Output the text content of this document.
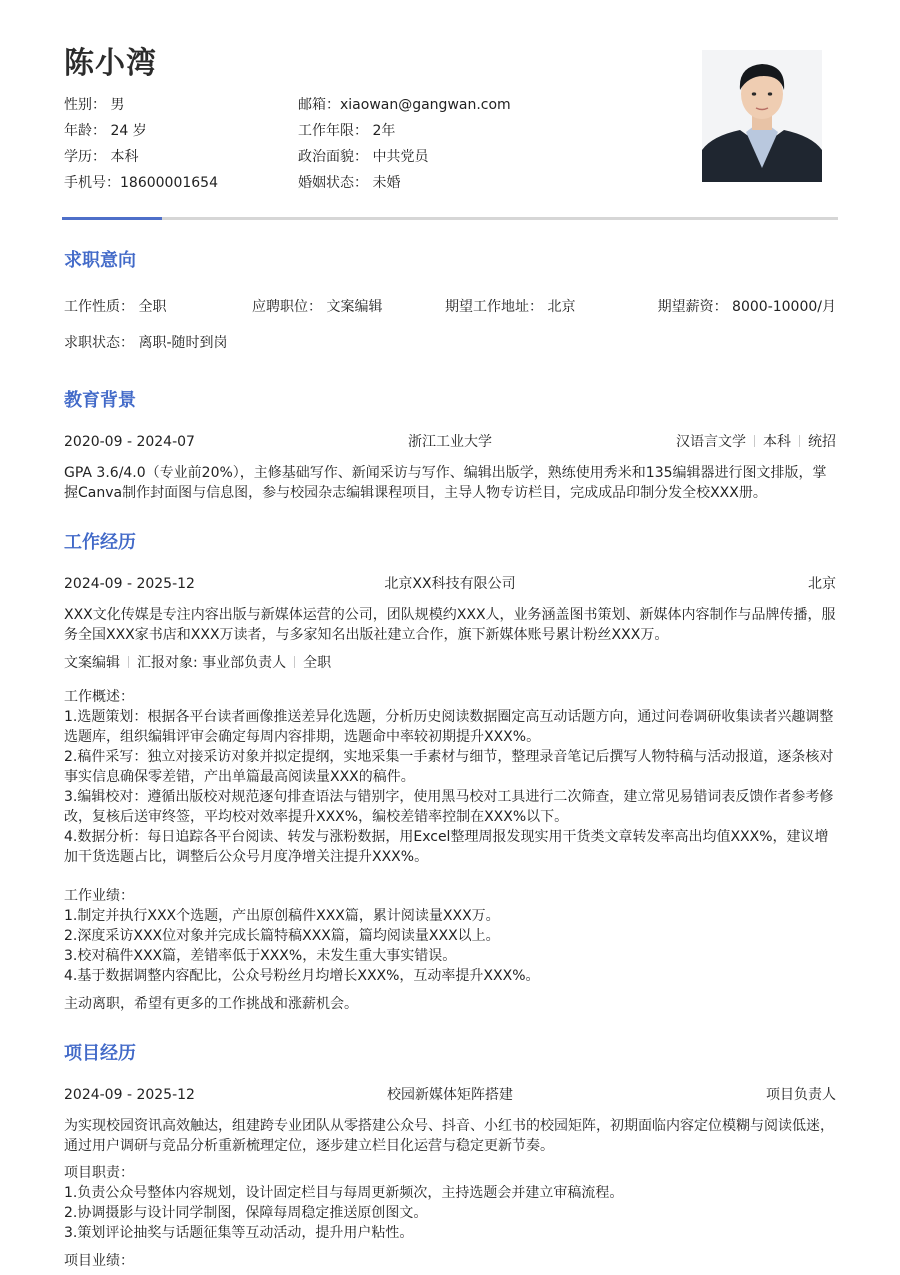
陈小湾
性别： 男	邮箱：xiaowan@gangwan.com
年龄： 24 岁	工作年限： 2年
学历： 本科	政治面貌： 中共党员
手机号：18600001654	婚姻状态： 未婚
求职意向
工作性质： 全职	应聘职位： 文案编辑	期望工作地址： 北京	期望薪资： 8000-10000/月
求职状态： 离职-随时到岗
教育背景
2020-09 - 2024-07	浙江工业大学	汉语言文学 本科 统招
GPA 3.6/4.0（专业前20%），主修基础写作、新闻采访与写作、编辑出版学，熟练使用秀米和135编辑器进行图文排版，掌握Canva制作封面图与信息图，参与校园杂志编辑课程项目，主导人物专访栏目，完成成品印制分发全校XXX册。
工作经历
2024-09 - 2025-12	北京XX科技有限公司	北京
XXX文化传媒是专注内容出版与新媒体运营的公司，团队规模约XXX人，业务涵盖图书策划、新媒体内容制作与品牌传播，服务全国XXX家书店和XXX万读者，与多家知名出版社建立合作，旗下新媒体账号累计粉丝XXX万。
文案编辑 汇报对象: 事业部负责人 全职
工作概述：
1.选题策划：根据各平台读者画像推送差异化选题，分析历史阅读数据圈定高互动话题方向，通过问卷调研收集读者兴趣调整选题库，组织编辑评审会确定每周内容排期，选题命中率较初期提升XXX%。
2.稿件采写：独立对接采访对象并拟定提纲，实地采集一手素材与细节，整理录音笔记后撰写人物特稿与活动报道，逐条核对事实信息确保零差错，产出单篇最高阅读量XXX的稿件。
3.编辑校对：遵循出版校对规范逐句排查语法与错别字，使用黑马校对工具进行二次筛查，建立常见易错词表反馈作者参考修改，复核后送审终签，平均校对效率提升XXX%，编校差错率控制在XXX%以下。
4.数据分析：每日追踪各平台阅读、转发与涨粉数据，用Excel整理周报发现实用干货类文章转发率高出均值XXX%，建议增加干货选题占比，调整后公众号月度净增关注提升XXX%。
工作业绩：
1.制定并执行XXX个选题，产出原创稿件XXX篇，累计阅读量XXX万。
2.深度采访XXX位对象并完成长篇特稿XXX篇，篇均阅读量XXX以上。
3.校对稿件XXX篇，差错率低于XXX%，未发生重大事实错误。
4.基于数据调整内容配比，公众号粉丝月均增长XXX%，互动率提升XXX%。
主动离职，希望有更多的工作挑战和涨薪机会。
项目经历
2024-09 - 2025-12	校园新媒体矩阵搭建	项目负责人
为实现校园资讯高效触达，组建跨专业团队从零搭建公众号、抖音、小红书的校园矩阵，初期面临内容定位模糊与阅读低迷，通过用户调研与竞品分析重新梳理定位，逐步建立栏目化运营与稳定更新节奏。
项目职责：
1.负责公众号整体内容规划，设计固定栏目与每周更新频次，主持选题会并建立审稿流程。
2.协调摄影与设计同学制图，保障每周稳定推送原创图文。
3.策划评论抽奖与话题征集等互动活动，提升用户粘性。
项目业绩：
